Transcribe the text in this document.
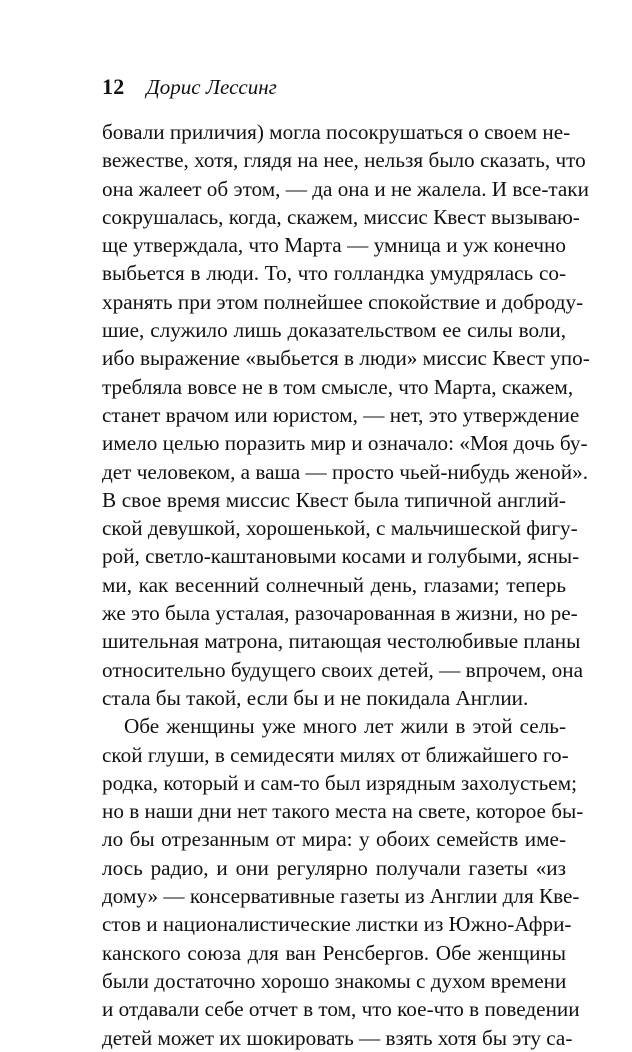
12 Дорис Лессинг
бовали приличия) могла посокрушаться о своем не-
вежестве, хотя, глядя на нее, нельзя было сказать, что
она жалеет об этом, — да она и не жалела. И все-таки
сокрушалась, когда, скажем, миссис Квест вызываю-
ще утверждала, что Марта — умница и уж конечно
выбьется в люди. То, что голландка умудрялась со-
хранять при этом полнейшее спокойствие и доброду-
шие, служило лишь доказательством ее силы воли,
ибо выражение «выбьется в люди» миссис Квест упо-
требляла вовсе не в том смысле, что Марта, скажем,
станет врачом или юристом, — нет, это утверждение
имело целью поразить мир и означало: «Моя дочь бу-
дет человеком, а ваша — просто чьей-нибудь женой».
В свое время миссис Квест была типичной англий-
ской девушкой, хорошенькой, с мальчишеской фигу-
рой, светло-каштановыми косами и голубыми, ясны-
ми, как весенний солнечный день, глазами; теперь
же это была усталая, разочарованная в жизни, но ре-
шительная матрона, питающая честолюбивые планы
относительно будущего своих детей, — впрочем, она
стала бы такой, если бы и не покидала Англии.
Обе женщины уже много лет жили в этой сель-
ской глуши, в семидесяти милях от ближайшего го-
родка, который и сам-то был изрядным захолустьем;
но в наши дни нет такого места на свете, которое бы-
ло бы отрезанным от мира: у обоих семейств име-
лось радио, и они регулярно получали газеты «из
дому» — консервативные газеты из Англии для Кве-
стов и националистические листки из Южно-Афри-
канского союза для ван Ренсбергов. Обе женщины
были достаточно хорошо знакомы с духом времени
и отдавали себе отчет в том, что кое-что в поведении
детей может их шокировать — взять хотя бы эту са-
